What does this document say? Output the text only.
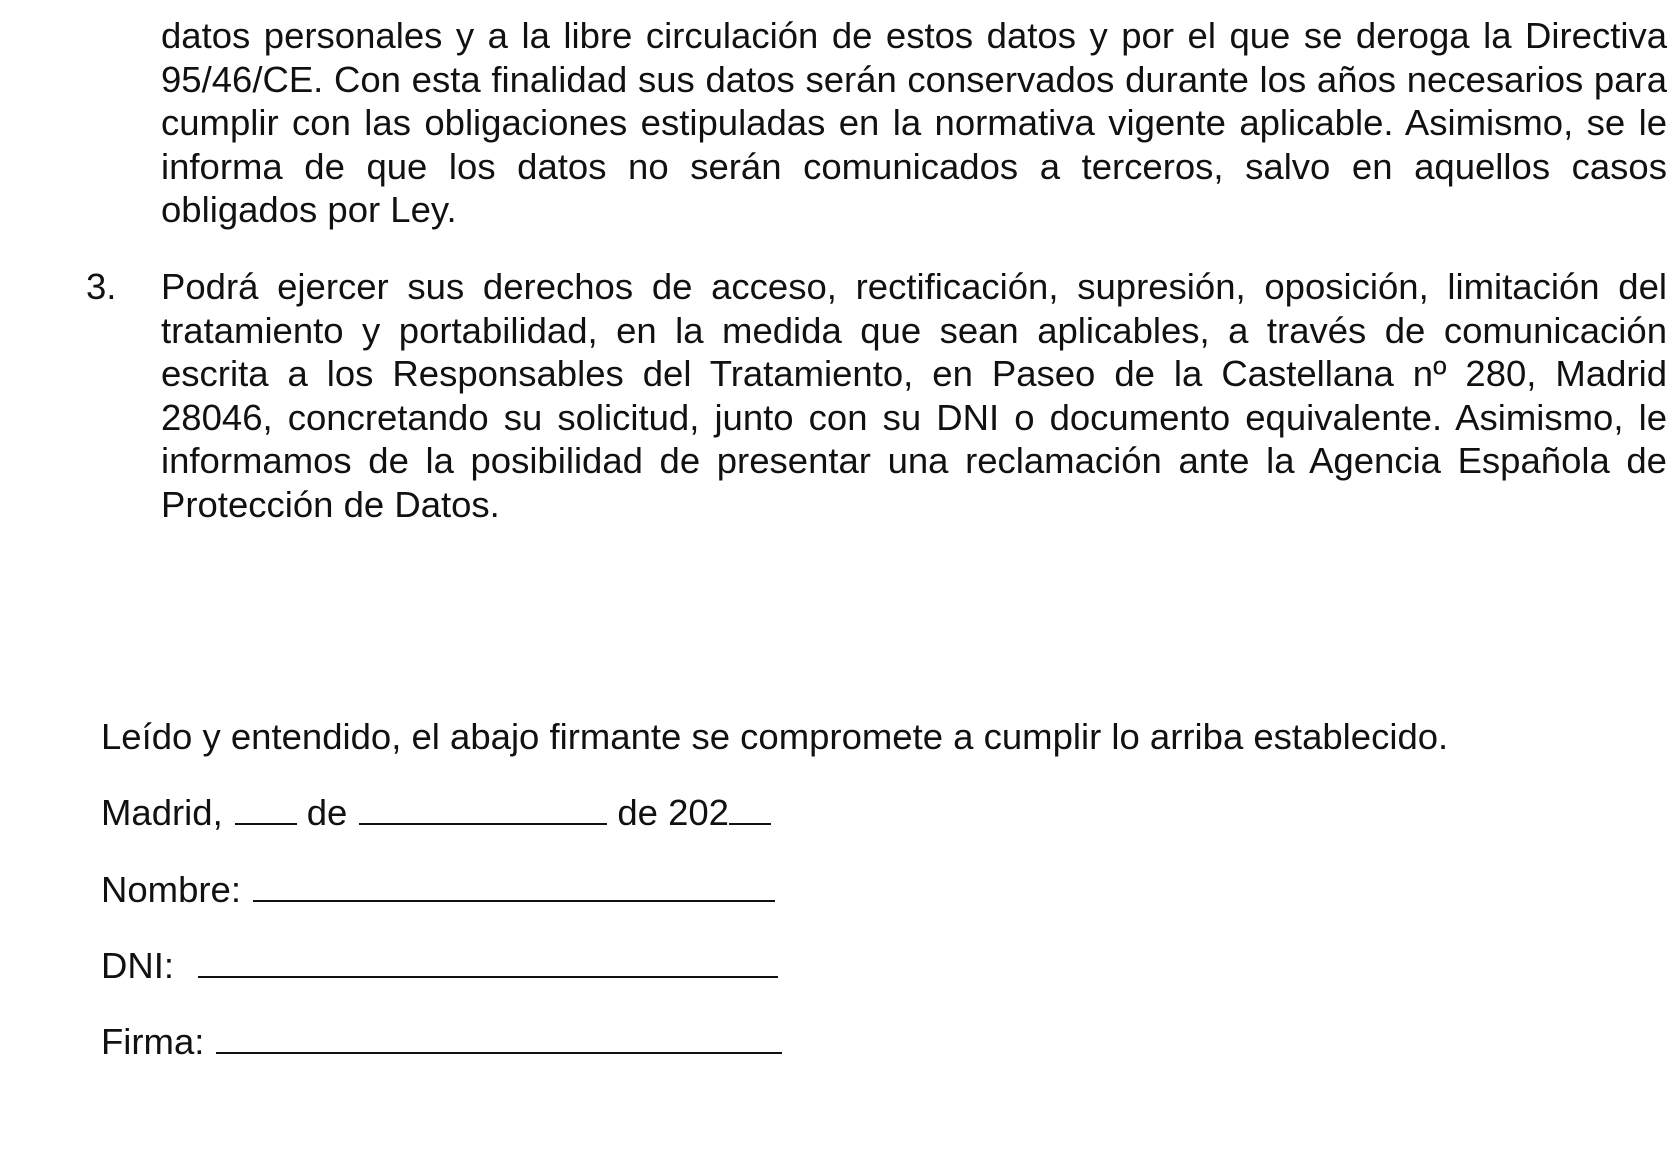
datos personales y a la libre circulación de estos datos y por el que se deroga la Directiva 95/46/CE. Con esta finalidad sus datos serán conservados durante los años necesarios para cumplir con las obligaciones estipuladas en la normativa vigente aplicable. Asimismo, se le informa de que los datos no serán comunicados a terceros, salvo en aquellos casos obligados por Ley.

3. Podrá ejercer sus derechos de acceso, rectificación, supresión, oposición, limitación del tratamiento y portabilidad, en la medida que sean aplicables, a través de comunicación escrita a los Responsables del Tratamiento, en Paseo de la Castellana nº 280, Madrid 28046, concretando su solicitud, junto con su DNI o documento equivalente. Asimismo, le informamos de la posibilidad de presentar una reclamación ante la Agencia Española de Protección de Datos.

Leído y entendido, el abajo firmante se compromete a cumplir lo arriba establecido.
Madrid, de	de 202
Nombre:
DNI:
Firma:
